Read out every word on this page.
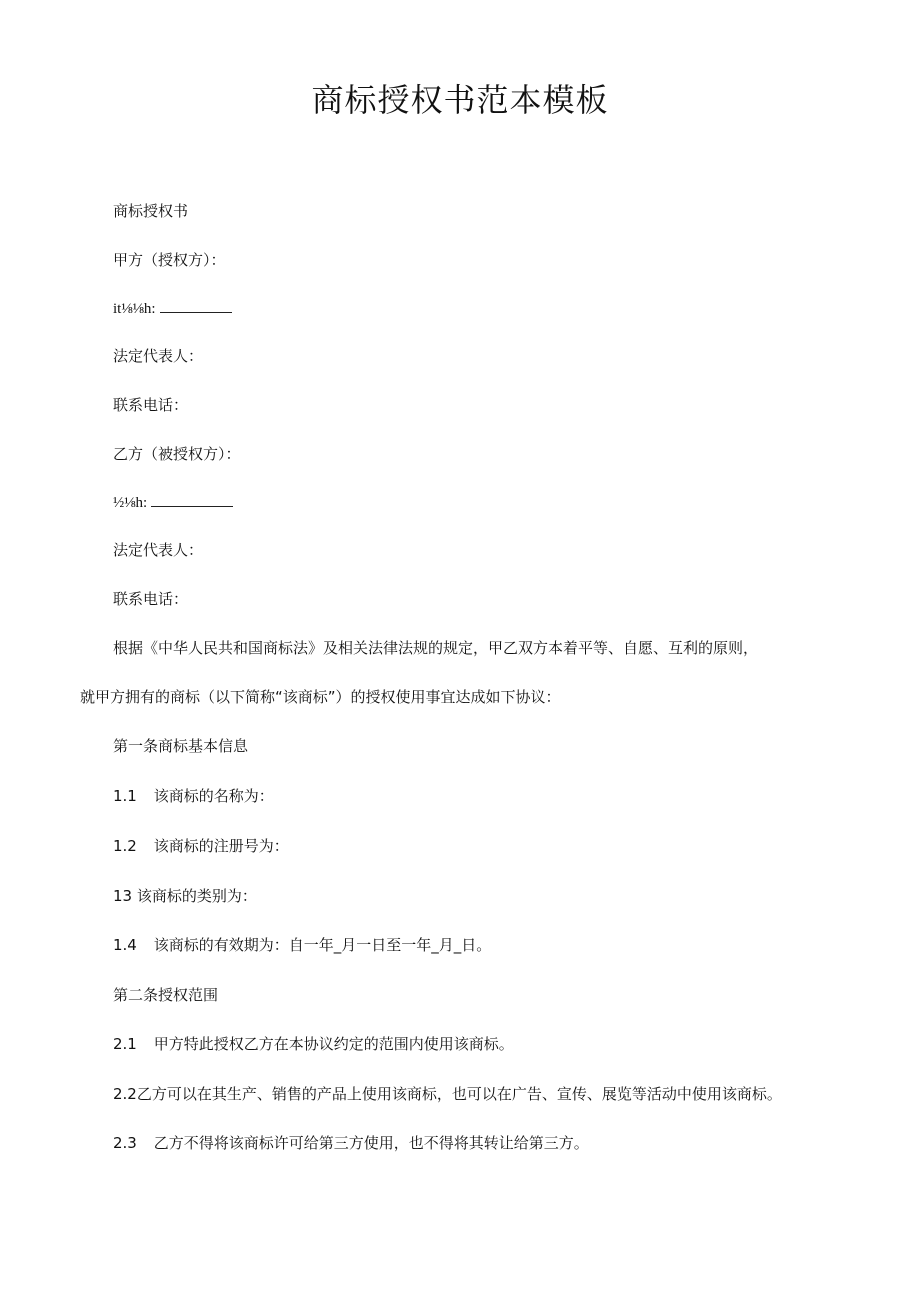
商标授权书范本模板

商标授权书

甲方（授权方）：

it⅛⅛h:

法定代表人：

联系电话：

乙方（被授权方）：

½⅛h:

法定代表人：

联系电话：

根据《中华人民共和国商标法》及相关法律法规的规定，甲乙双方本着平等、自愿、互利的原则，

就甲方拥有的商标（以下简称“该商标”）的授权使用事宜达成如下协议：

第一条商标基本信息

1.1 该商标的名称为：

1.2 该商标的注册号为：

13 该商标的类别为：

1.4 该商标的有效期为：自一年_月一日至一年_月_日。

第二条授权范围

2.1 甲方特此授权乙方在本协议约定的范围内使用该商标。

2.2乙方可以在其生产、销售的产品上使用该商标，也可以在广告、宣传、展览等活动中使用该商标。

2.3 乙方不得将该商标许可给第三方使用，也不得将其转让给第三方。
